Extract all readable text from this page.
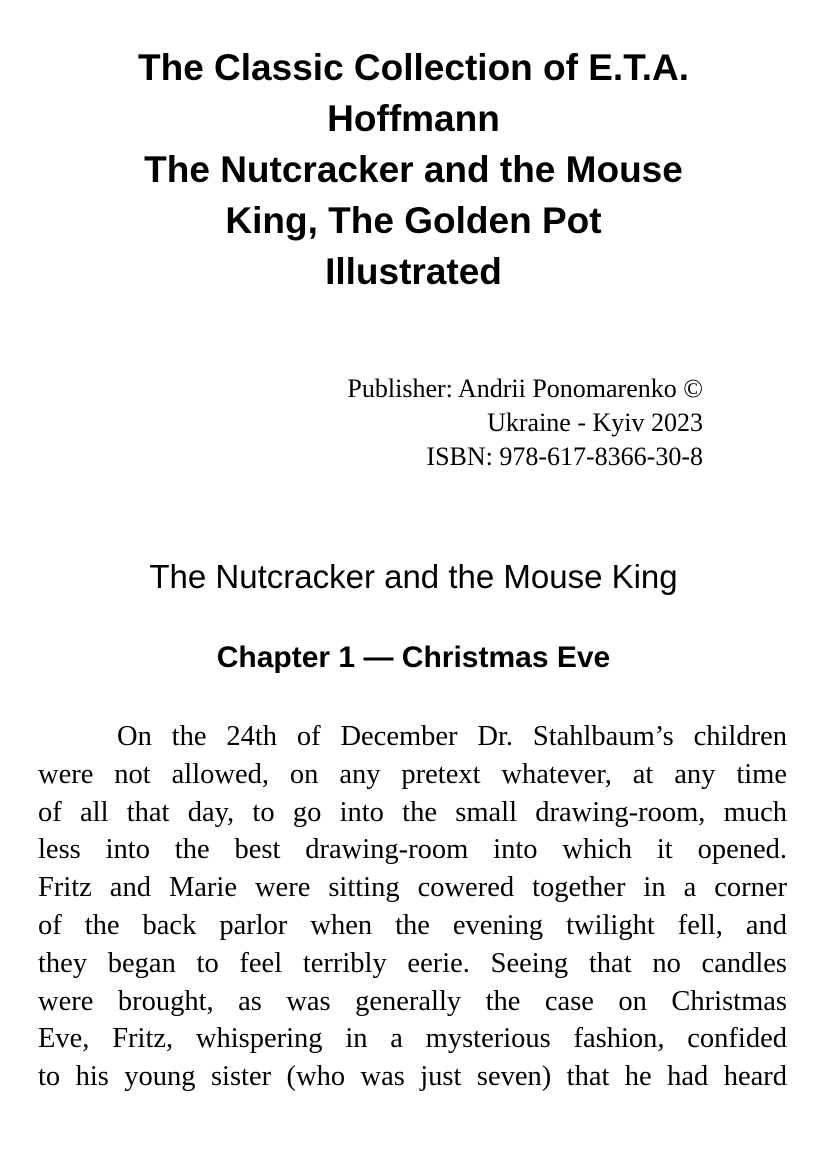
The Classic Collection of E.T.A.
Hoffmann
The Nutcracker and the Mouse
King, The Golden Pot
Illustrated
Publisher: Andrii Ponomarenko ©
Ukraine - Kyiv 2023
ISBN: 978-617-8366-30-8
The Nutcracker and the Mouse King
Chapter 1 — Christmas Eve
On the 24th of December Dr. Stahlbaum’s children
were not allowed, on any pretext whatever, at any time
of all that day, to go into the small drawing-room, much
less into the best drawing-room into which it opened.
Fritz and Marie were sitting cowered together in a corner
of the back parlor when the evening twilight fell, and
they began to feel terribly eerie. Seeing that no candles
were brought, as was generally the case on Christmas
Eve, Fritz, whispering in a mysterious fashion, confided
to his young sister (who was just seven) that he had heard
